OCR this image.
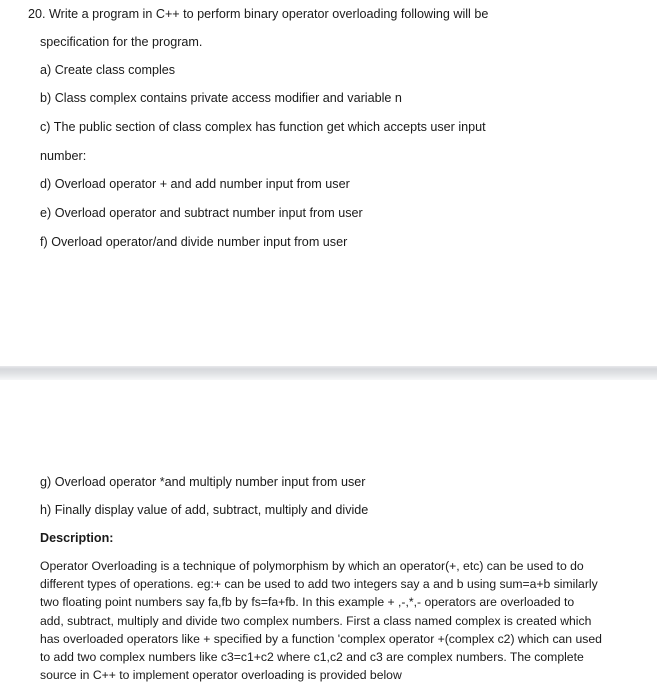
20. Write a program in C++ to perform binary operator overloading following will be
specification for the program.
a) Create class comples
b) Class complex contains private access modifier and variable n
c) The public section of class complex has function get which accepts user input
number:
d) Overload operator + and add number input from user
e) Overload operator and subtract number input from user
f) Overload operator/and divide number input from user
g) Overload operator *and multiply number input from user
h) Finally display value of add, subtract, multiply and divide
Description:
Operator Overloading is a technique of polymorphism by which an operator(+, etc) can be used to do
different types of operations. eg:+ can be used to add two integers say a and b using sum=a+b similarly
two floating point numbers say fa,fb by fs=fa+fb. In this example + ,-,*,- operators are overloaded to
add, subtract, multiply and divide two complex numbers. First a class named complex is created which
has overloaded operators like + specified by a function 'complex operator +(complex c2) which can used
to add two complex numbers like c3=c1+c2 where c1,c2 and c3 are complex numbers. The complete
source in C++ to implement operator overloading is provided below
